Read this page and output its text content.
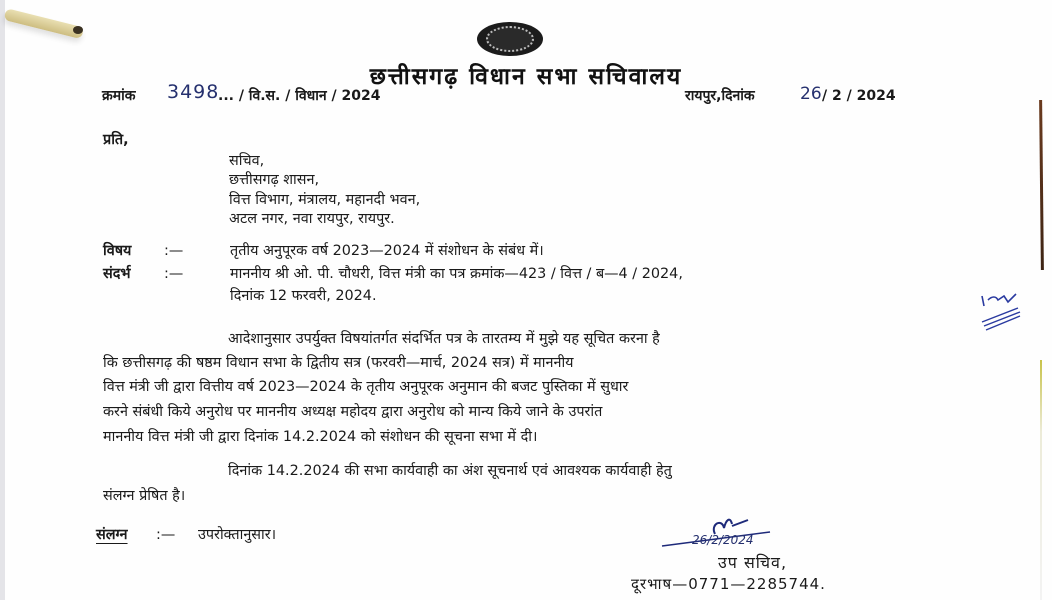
छत्तीसगढ़ विधान सभा सचिवालय
क्रमांक 3498
... / वि.स. / विधान / 2024	रायपुर,दिनांक	26 / 2 / 2024
प्रति,
सचिव,
छत्तीसगढ़ शासन,
वित्त विभाग, मंत्रालय, महानदी भवन,
अटल नगर, नवा रायपुर, रायपुर.
विषय :—	तृतीय अनुपूरक वर्ष 2023—2024 में संशोधन के संबंध में।
संदर्भ :—	माननीय श्री ओ. पी. चौधरी, वित्त मंत्री का पत्र क्रमांक—423 / वित्त / ब—4 / 2024,
दिनांक 12 फरवरी, 2024.
आदेशानुसार उपर्युक्त विषयांतर्गत संदर्भित पत्र के तारतम्य में मुझे यह सूचित करना है
कि छत्तीसगढ़ की षष्ठम विधान सभा के द्वितीय सत्र (फरवरी—मार्च, 2024 सत्र) में माननीय
वित्त मंत्री जी द्वारा वित्तीय वर्ष 2023—2024 के तृतीय अनुपूरक अनुमान की बजट पुस्तिका में सुधार
करने संबंधी किये अनुरोध पर माननीय अध्यक्ष महोदय द्वारा अनुरोध को मान्य किये जाने के उपरांत
माननीय वित्त मंत्री जी द्वारा दिनांक 14.2.2024 को संशोधन की सूचना सभा में दी।
दिनांक 14.2.2024 की सभा कार्यवाही का अंश सूचनार्थ एवं आवश्यक कार्यवाही हेतु
संलग्न प्रेषित है।
संलग्न :— उपरोक्तानुसार।	26/2/2024
उप सचिव,
दूरभाष—0771—2285744.
